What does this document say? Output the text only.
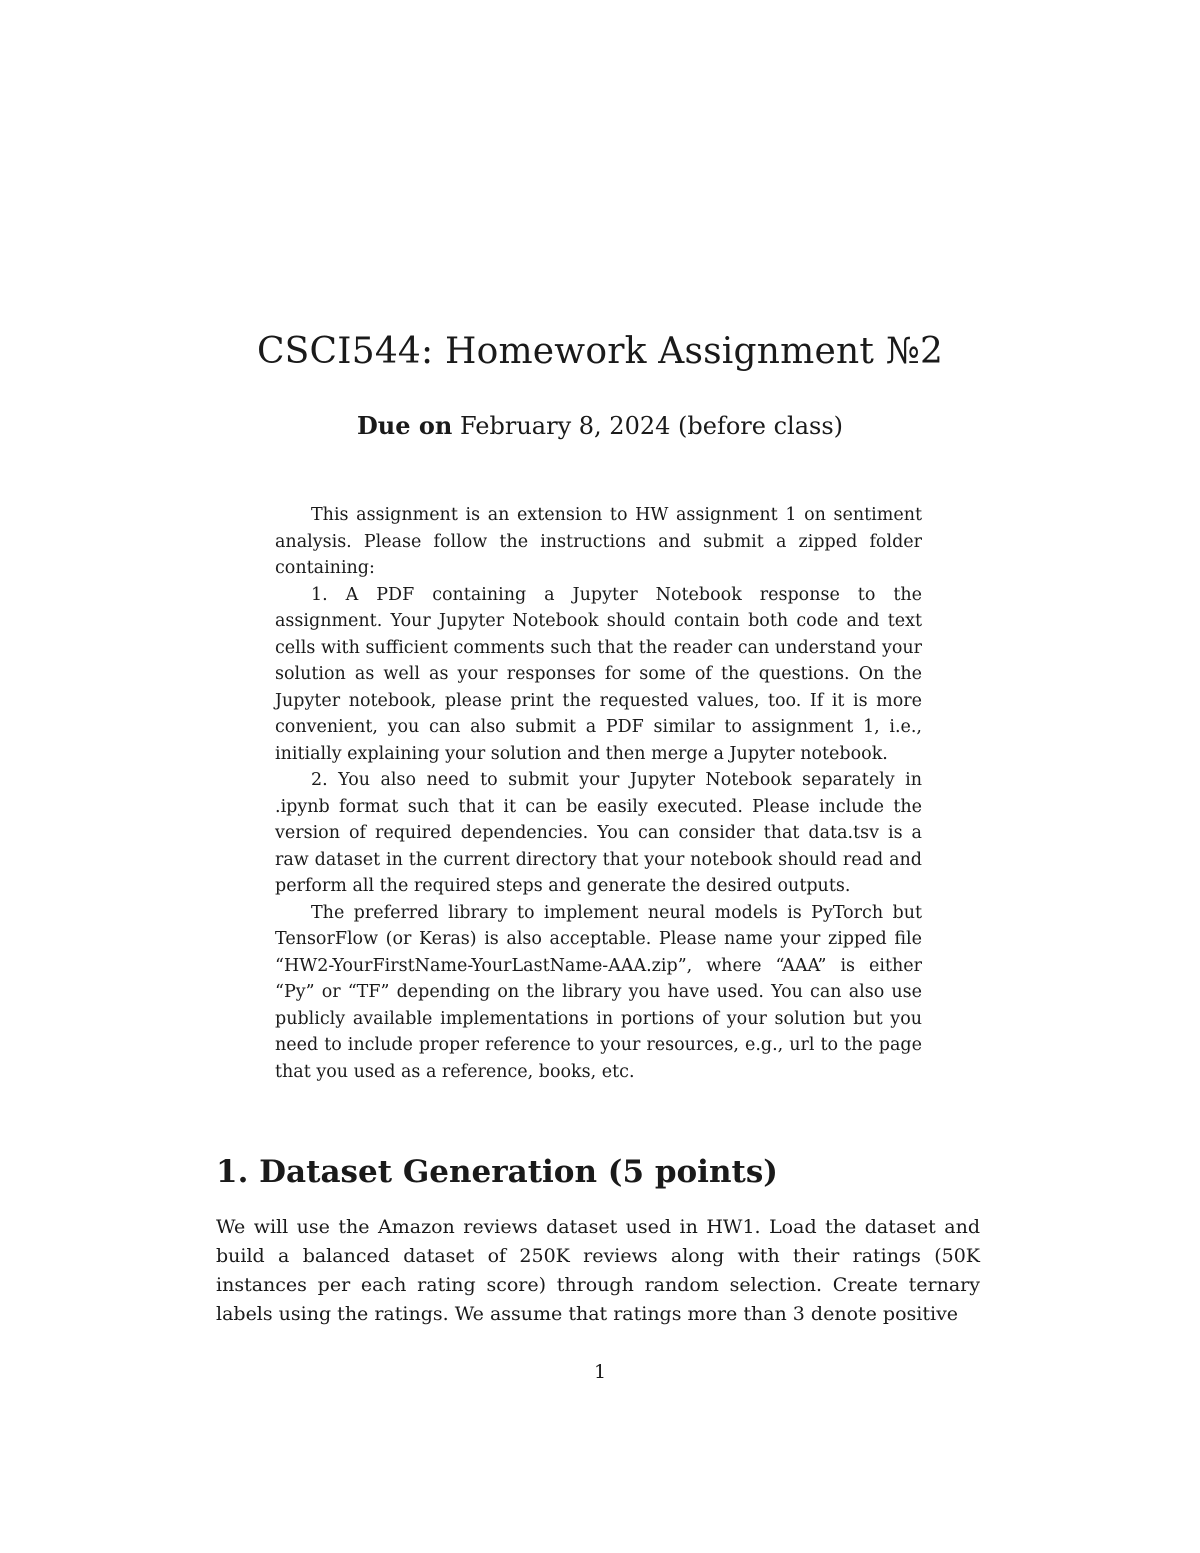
CSCI544: Homework Assignment №2
Due on February 8, 2024 (before class)

This assignment is an extension to HW assignment 1 on sentiment analysis. Please follow the instructions and submit a zipped folder containing:

1. A PDF containing a Jupyter Notebook response to the assignment. Your Jupyter Notebook should contain both code and text cells with sufficient comments such that the reader can understand your solution as well as your responses for some of the questions. On the Jupyter notebook, please print the requested values, too. If it is more convenient, you can also submit a PDF similar to assignment 1, i.e., initially explaining your solution and then merge a Jupyter notebook.

2. You also need to submit your Jupyter Notebook separately in .ipynb format such that it can be easily executed. Please include the version of required dependencies. You can consider that data.tsv is a raw dataset in the current directory that your notebook should read and perform all the required steps and generate the desired outputs.

The preferred library to implement neural models is PyTorch but TensorFlow (or Keras) is also acceptable. Please name your zipped file “HW2-YourFirstName-YourLastName-AAA.zip”, where “AAA” is either “Py” or “TF” depending on the library you have used. You can also use publicly available implementations in portions of your solution but you need to include proper reference to your resources, e.g., url to the page that you used as a reference, books, etc.

1. Dataset Generation (5 points)

We will use the Amazon reviews dataset used in HW1. Load the dataset and build a balanced dataset of 250K reviews along with their ratings (50K instances per each rating score) through random selection. Create ternary labels using the ratings. We assume that ratings more than 3 denote positive

1
